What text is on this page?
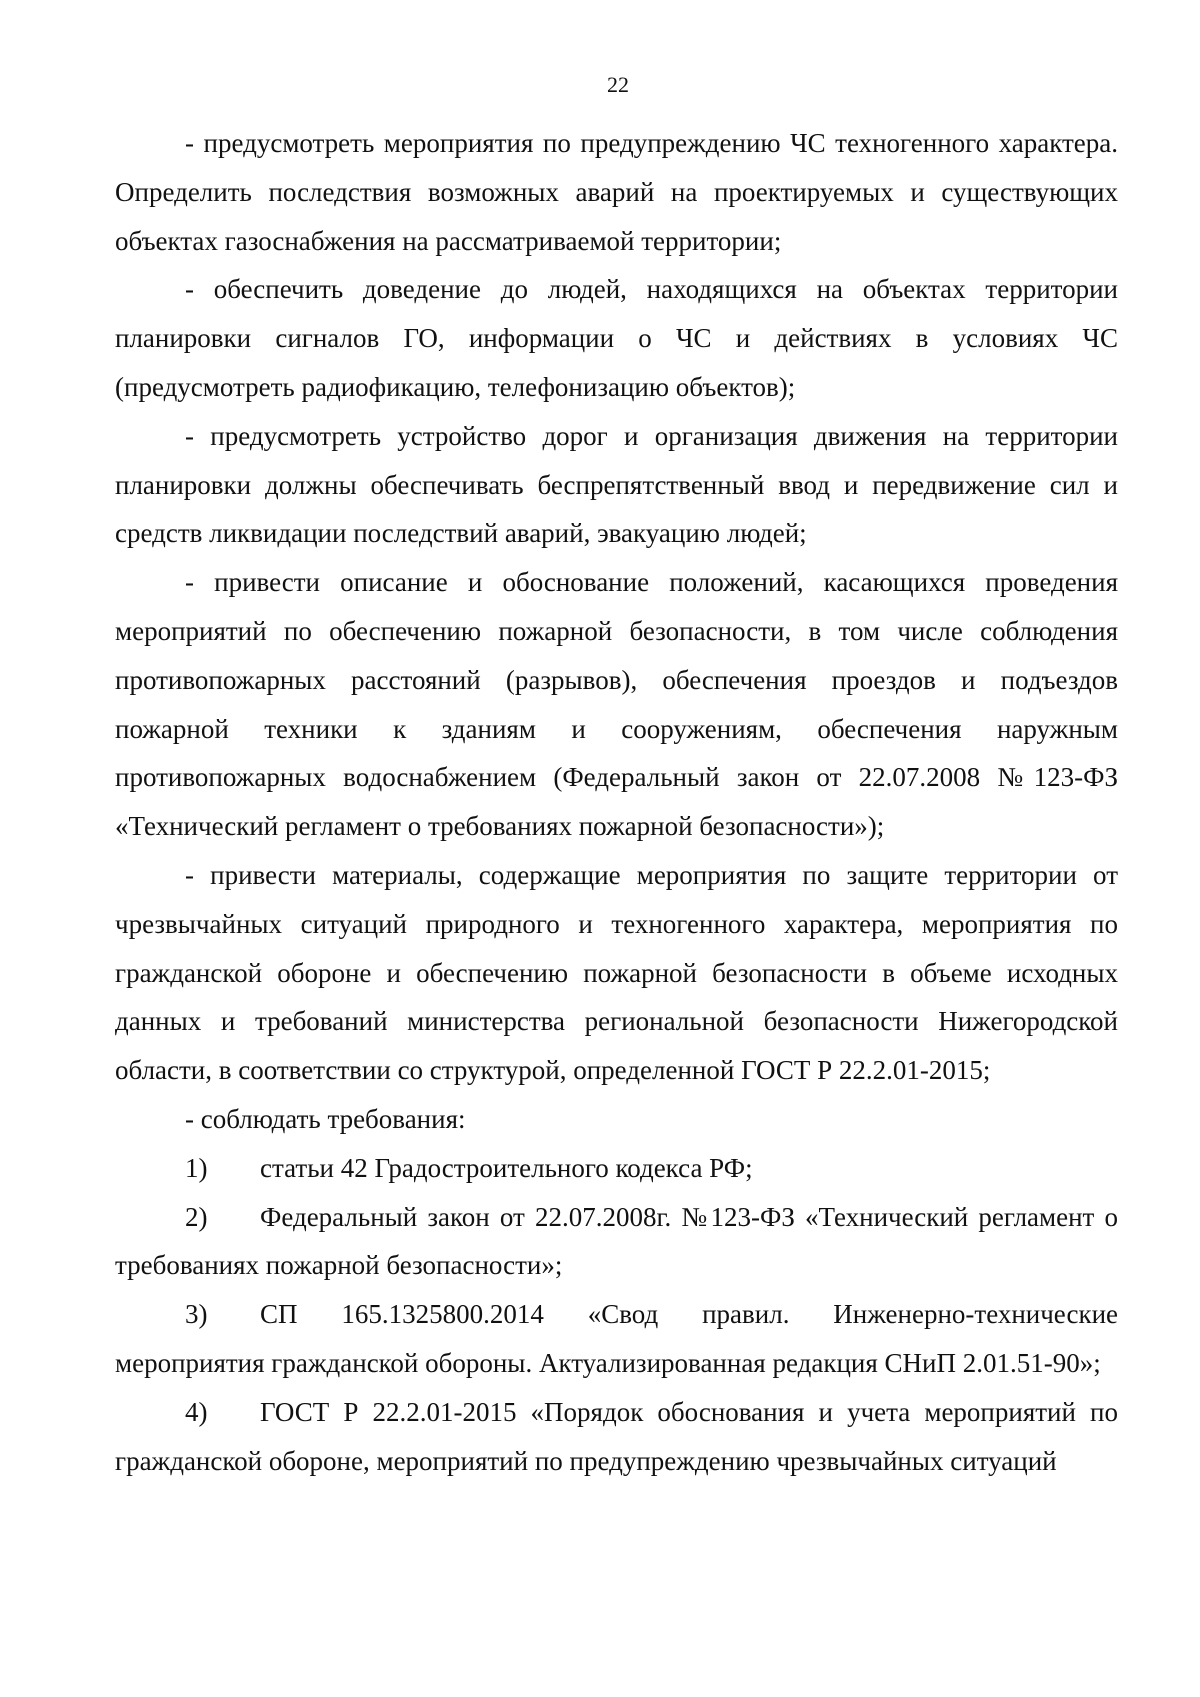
22

- предусмотреть мероприятия по предупреждению ЧС техногенного характера. Определить последствия возможных аварий на проектируемых и существующих объектах газоснабжения на рассматриваемой территории;

- обеспечить доведение до людей, находящихся на объектах территории планировки сигналов ГО, информации о ЧС и действиях в условиях ЧС (предусмотреть радиофикацию, телефонизацию объектов);

- предусмотреть устройство дорог и организация движения на территории планировки должны обеспечивать беспрепятственный ввод и передвижение сил и средств ликвидации последствий аварий, эвакуацию людей;

- привести описание и обоснование положений, касающихся проведения мероприятий по обеспечению пожарной безопасности, в том числе соблюдения противопожарных расстояний (разрывов), обеспечения проездов и подъездов пожарной техники к зданиям и сооружениям, обеспечения наружным противопожарных водоснабжением (Федеральный закон от 22.07.2008 №123-ФЗ «Технический регламент о требованиях пожарной безопасности»);

- привести материалы, содержащие мероприятия по защите территории от чрезвычайных ситуаций природного и техногенного характера, мероприятия по гражданской обороне и обеспечению пожарной безопасности в объеме исходных данных и требований министерства региональной безопасности Нижегородской области, в соответствии со структурой, определенной ГОСТ Р 22.2.01-2015;

- соблюдать требования:

1) статьи 42 Градостроительного кодекса РФ;

2) Федеральный закон от 22.07.2008г. №123-ФЗ «Технический регламент о требованиях пожарной безопасности»;

3) СП 165.1325800.2014 «Свод правил. Инженерно-технические мероприятия гражданской обороны. Актуализированная редакция СНиП 2.01.51-90»;

4) ГОСТ Р 22.2.01-2015 «Порядок обоснования и учета мероприятий по гражданской обороне, мероприятий по предупреждению чрезвычайных ситуаций
